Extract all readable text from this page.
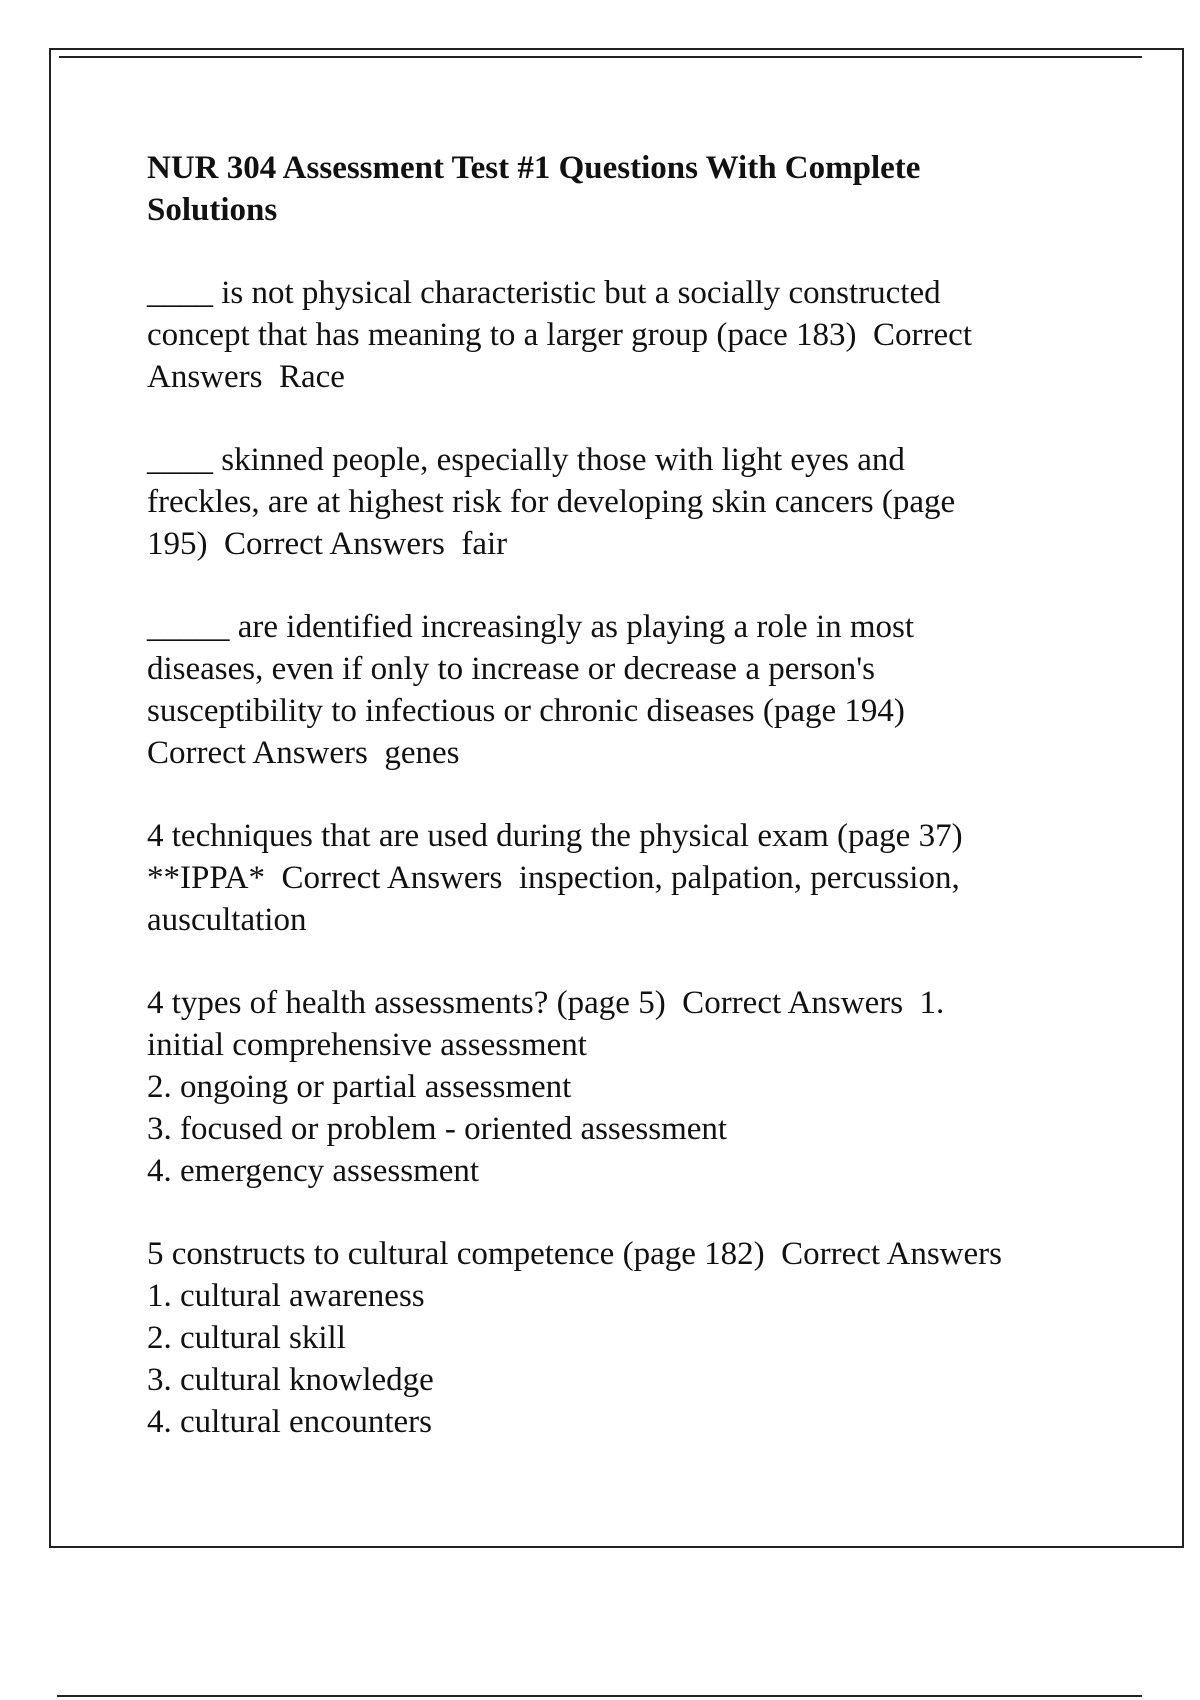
NUR 304 Assessment Test #1 Questions With Complete
Solutions
____ is not physical characteristic but a socially constructed
concept that has meaning to a larger group (pace 183)  Correct
Answers  Race
____ skinned people, especially those with light eyes and
freckles, are at highest risk for developing skin cancers (page
195)  Correct Answers  fair
_____ are identified increasingly as playing a role in most
diseases, even if only to increase or decrease a person's
susceptibility to infectious or chronic diseases (page 194)
Correct Answers  genes
4 techniques that are used during the physical exam (page 37)
**IPPA*  Correct Answers  inspection, palpation, percussion,
auscultation
4 types of health assessments? (page 5)  Correct Answers  1.
initial comprehensive assessment
2. ongoing or partial assessment
3. focused or problem - oriented assessment
4. emergency assessment
5 constructs to cultural competence (page 182)  Correct Answers
1. cultural awareness
2. cultural skill
3. cultural knowledge
4. cultural encounters
